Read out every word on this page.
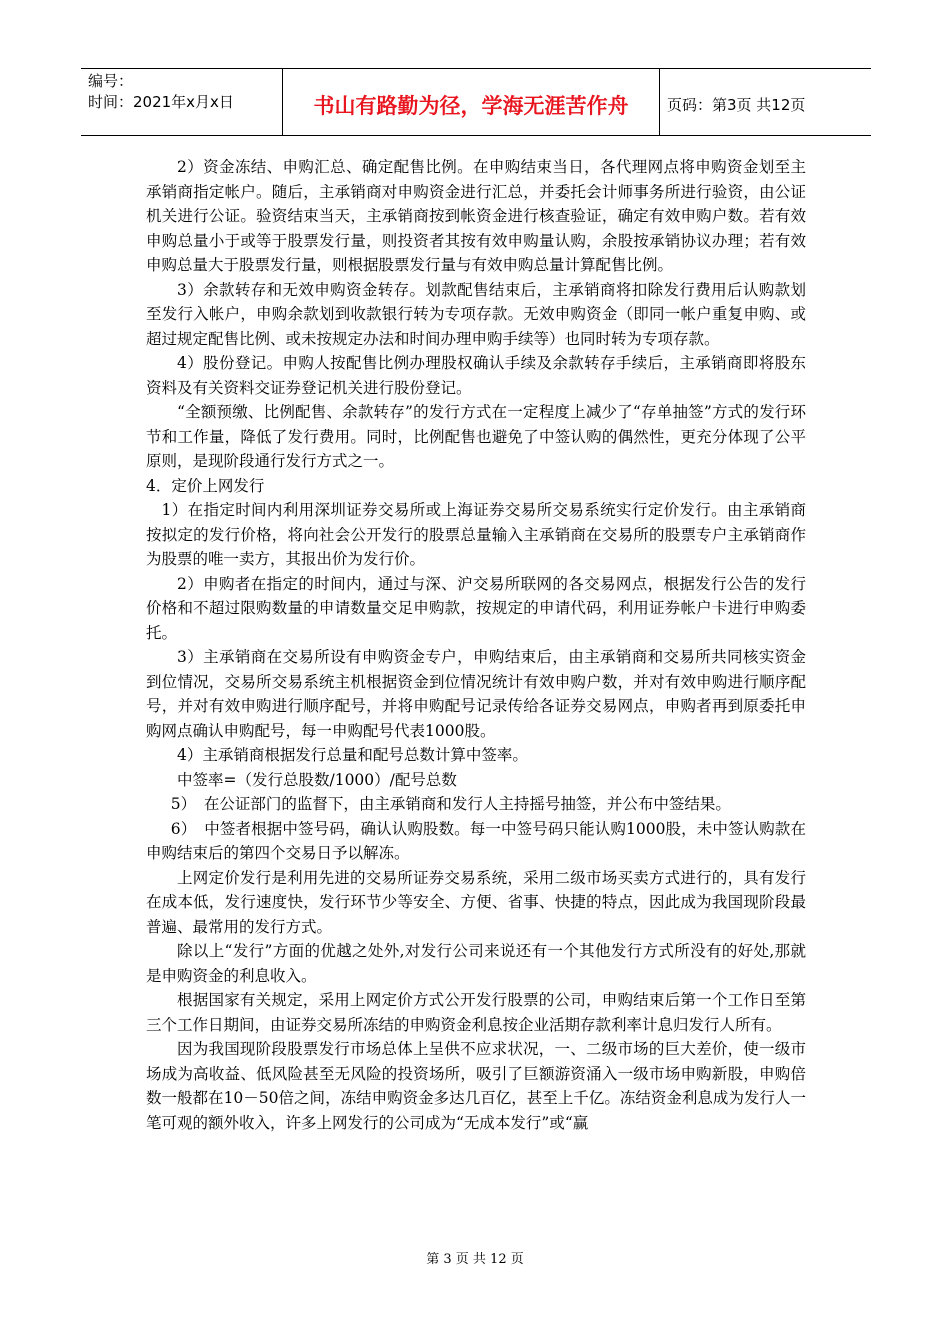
编号：
时间：2021年x月x日	书山有路勤为径，学海无涯苦作舟	页码：第3页 共12页

2）资金冻结、申购汇总、确定配售比例。在申购结束当日，各代理网点将申购资金划至主承销商指定帐户。随后，主承销商对申购资金进行汇总，并委托会计师事务所进行验资，由公证机关进行公证。验资结束当天，主承销商按到帐资金进行核查验证，确定有效申购户数。若有效申购总量小于或等于股票发行量，则投资者其按有效申购量认购，余股按承销协议办理；若有效申购总量大于股票发行量，则根据股票发行量与有效申购总量计算配售比例。

3）余款转存和无效申购资金转存。划款配售结束后，主承销商将扣除发行费用后认购款划至发行入帐户，申购余款划到收款银行转为专项存款。无效申购资金（即同一帐户重复申购、或超过规定配售比例、或未按规定办法和时间办理申购手续等）也同时转为专项存款。

4）股份登记。申购人按配售比例办理股权确认手续及余款转存手续后，主承销商即将股东资料及有关资料交证券登记机关进行股份登记。

“全额预缴、比例配售、余款转存”的发行方式在一定程度上减少了“存单抽签”方式的发行环节和工作量，降低了发行费用。同时，比例配售也避免了中签认购的偶然性，更充分体现了公平原则，是现阶段通行发行方式之一。

4．定价上网发行

1）在指定时间内利用深圳证券交易所或上海证券交易所交易系统实行定价发行。由主承销商按拟定的发行价格，将向社会公开发行的股票总量输入主承销商在交易所的股票专户主承销商作为股票的唯一卖方，其报出价为发行价。

2）申购者在指定的时间内，通过与深、沪交易所联网的各交易网点，根据发行公告的发行价格和不超过限购数量的申请数量交足申购款，按规定的申请代码，利用证券帐户卡进行申购委托。

3）主承销商在交易所设有申购资金专户，申购结束后，由主承销商和交易所共同核实资金到位情况，交易所交易系统主机根据资金到位情况统计有效申购户数，并对有效申购进行顺序配号，并对有效申购进行顺序配号，并将申购配号记录传给各证券交易网点，申购者再到原委托申购网点确认申购配号，每一申购配号代表1000股。

4）主承销商根据发行总量和配号总数计算中签率。

中签率=（发行总股数/1000）/配号总数

5）　在公证部门的监督下，由主承销商和发行人主持摇号抽签，并公布中签结果。

6）　中签者根据中签号码，确认认购股数。每一中签号码只能认购1000股，未中签认购款在申购结束后的第四个交易日予以解冻。

上网定价发行是利用先进的交易所证券交易系统，采用二级市场买卖方式进行的，具有发行在成本低，发行速度快，发行环节少等安全、方便、省事、快捷的特点，因此成为我国现阶段最普遍、最常用的发行方式。

除以上“发行”方面的优越之处外,对发行公司来说还有一个其他发行方式所没有的好处,那就是申购资金的利息收入。

根据国家有关规定，采用上网定价方式公开发行股票的公司，申购结束后第一个工作日至第三个工作日期间，由证券交易所冻结的申购资金利息按企业活期存款利率计息归发行人所有。

因为我国现阶段股票发行市场总体上呈供不应求状况，一、二级市场的巨大差价，使一级市场成为高收益、低风险甚至无风险的投资场所，吸引了巨额游资涌入一级市场申购新股，申购倍数一般都在10－50倍之间，冻结申购资金多达几百亿，甚至上千亿。冻结资金利息成为发行人一笔可观的额外收入，许多上网发行的公司成为“无成本发行”或“赢

第 3 页 共 12 页
